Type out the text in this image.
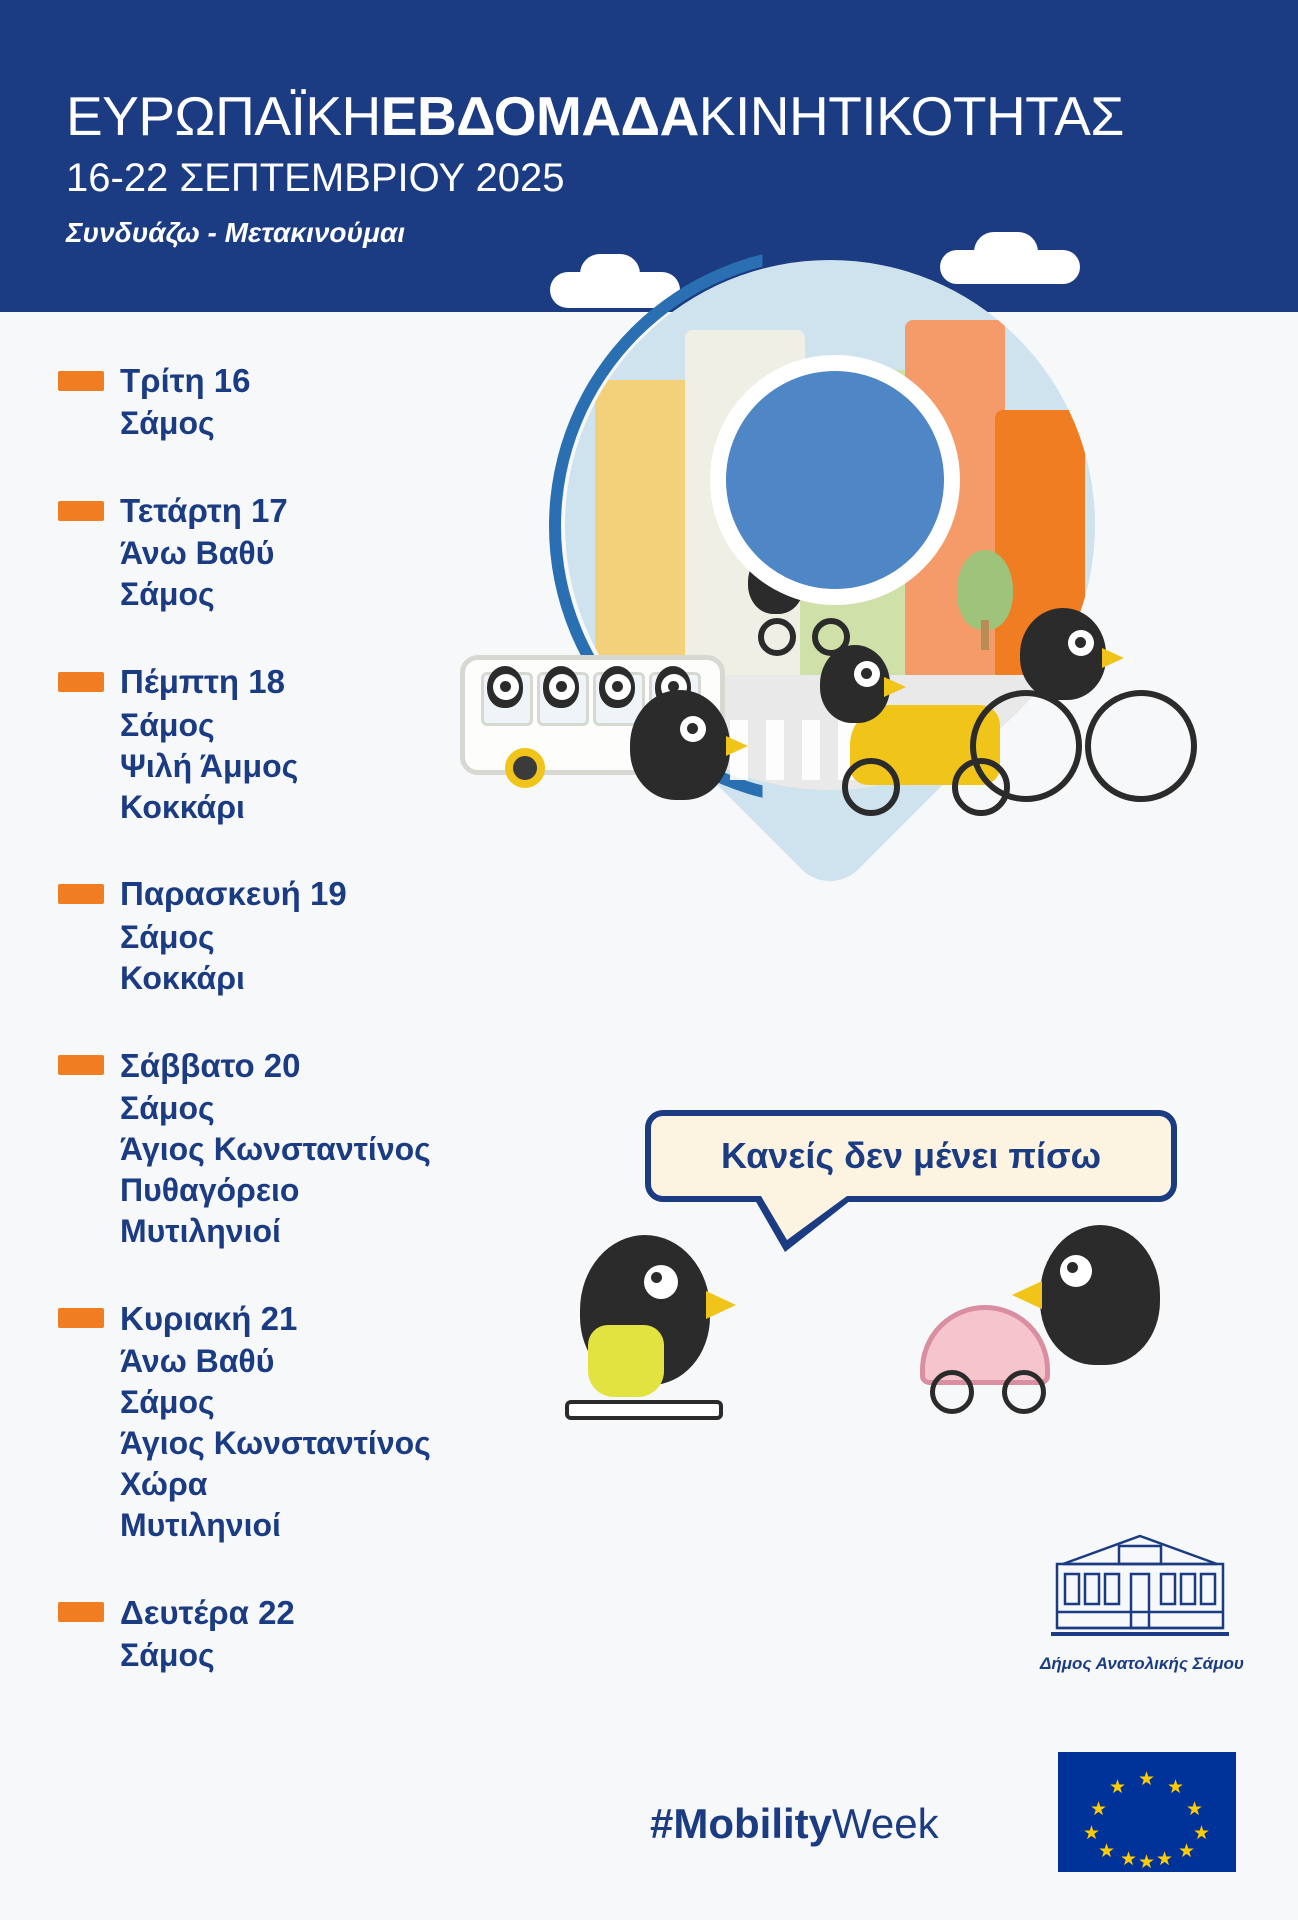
ΕΥΡΩΠΑΪΚΗΕΒΔΟΜΑΔΑΚΙΝΗΤΙΚΟΤΗΤΑΣ
16-22 ΣΕΠΤΕΜΒΡΙΟΥ 2025
Συνδυάζω - Μετακινούμαι
Τρίτη 16
Σάμος
Τετάρτη 17
Άνω Βαθύ
Σάμος
Πέμπτη 18
Σάμος
Ψιλή Άμμος
Κοκκάρι
Παρασκευή 19
Σάμος
Κοκκάρι
Σάββατο 20
Σάμος
Άγιος Κωνσταντίνος
Πυθαγόρειο
Μυτιληνιοί
Κυριακή 21
Άνω Βαθύ
Σάμος
Άγιος Κωνσταντίνος
Χώρα
Μυτιληνιοί
Δευτέρα 22
Σάμος
Κανείς δεν μένει πίσω
Δήμος Ανατολικής Σάμου
★
★ ★
★	★
★	★
★	★
★ ★
★
#MobilityWeek
